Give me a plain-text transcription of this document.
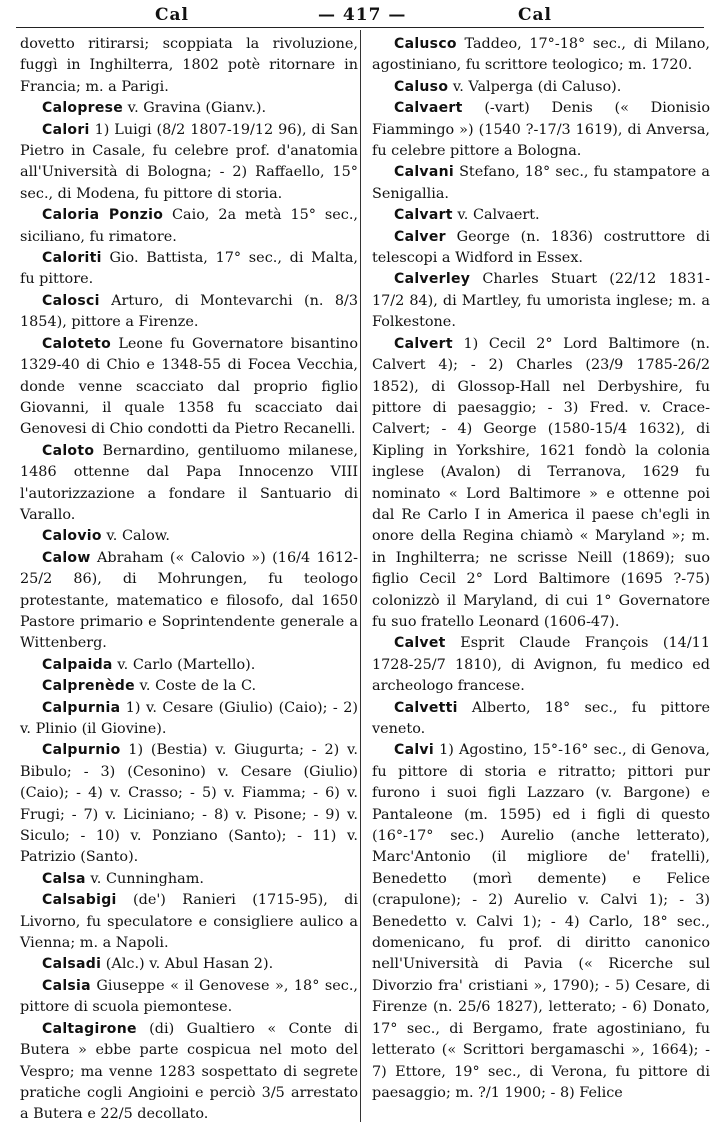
Cal	— 417 —	Cal

dovetto ritirarsi; scoppiata la rivoluzione, fuggì in Inghilterra, 1802 potè ritornare in Francia; m. a Parigi.

Caloprese v. Gravina (Gianv.).

Calori 1) Luigi (8/2 1807-19/12 96), di San Pietro in Casale, fu celebre prof. d'anatomia all'Università di Bologna; - 2) Raffaello, 15° sec., di Modena, fu pittore di storia.

Caloria Ponzio Caio, 2a metà 15° sec., siciliano, fu rimatore.

Caloriti Gio. Battista, 17° sec., di Malta, fu pittore.

Calosci Arturo, di Montevarchi (n. 8/3 1854), pittore a Firenze.

Caloteto Leone fu Governatore bisantino 1329-40 di Chio e 1348-55 di Focea Vecchia, donde venne scacciato dal proprio figlio Giovanni, il quale 1358 fu scacciato dai Genovesi di Chio condotti da Pietro Recanelli.

Caloto Bernardino, gentiluomo milanese, 1486 ottenne dal Papa Innocenzo VIII l'autorizzazione a fondare il Santuario di Varallo.

Calovio v. Calow.

Calow Abraham (« Calovio ») (16/4 1612-25/2 86), di Mohrungen, fu teologo protestante, matematico e filosofo, dal 1650 Pastore primario e Soprintendente generale a Wittenberg.

Calpaida v. Carlo (Martello).

Calprenède v. Coste de la C.

Calpurnia 1) v. Cesare (Giulio) (Caio); - 2) v. Plinio (il Giovine).

Calpurnio 1) (Bestia) v. Giugurta; - 2) v. Bibulo; - 3) (Cesonino) v. Cesare (Giulio) (Caio); - 4) v. Crasso; - 5) v. Fiamma; - 6) v. Frugi; - 7) v. Liciniano; - 8) v. Pisone; - 9) v. Siculo; - 10) v. Ponziano (Santo); - 11) v. Patrizio (Santo).

Calsa v. Cunningham.

Calsabigi (de') Ranieri (1715-95), di Livorno, fu speculatore e consigliere aulico a Vienna; m. a Napoli.

Calsadi (Alc.) v. Abul Hasan 2).

Calsia Giuseppe « il Genovese », 18° sec., pittore di scuola piemontese.

Caltagirone (di) Gualtiero « Conte di Butera » ebbe parte cospicua nel moto del Vespro; ma venne 1283 sospettato di segrete pratiche cogli Angioini e perciò 3/5 arrestato a Butera e 22/5 decollato.

Calusco Taddeo, 17°-18° sec., di Milano, agostiniano, fu scrittore teologico; m. 1720.

Caluso v. Valperga (di Caluso).

Calvaert (-vart) Denis (« Dionisio Fiammingo ») (1540 ?-17/3 1619), di Anversa, fu celebre pittore a Bologna.

Calvani Stefano, 18° sec., fu stampatore a Senigallia.

Calvart v. Calvaert.

Calver George (n. 1836) costruttore di telescopi a Widford in Essex.

Calverley Charles Stuart (22/12 1831-17/2 84), di Martley, fu umorista inglese; m. a Folkestone.

Calvert 1) Cecil 2° Lord Baltimore (n. Calvert 4); - 2) Charles (23/9 1785-26/2 1852), di Glossop-Hall nel Derbyshire, fu pittore di paesaggio; - 3) Fred. v. Crace-Calvert; - 4) George (1580-15/4 1632), di Kipling in Yorkshire, 1621 fondò la colonia inglese (Avalon) di Terranova, 1629 fu nominato « Lord Baltimore » e ottenne poi dal Re Carlo I in America il paese ch'egli in onore della Regina chiamò « Maryland »; m. in Inghilterra; ne scrisse Neill (1869); suo figlio Cecil 2° Lord Baltimore (1695 ?-75) colonizzò il Maryland, di cui 1° Governatore fu suo fratello Leonard (1606-47).

Calvet Esprit Claude François (14/11 1728-25/7 1810), di Avignon, fu medico ed archeologo francese.

Calvetti Alberto, 18° sec., fu pittore veneto.

Calvi 1) Agostino, 15°-16° sec., di Genova, fu pittore di storia e ritratto; pittori pur furono i suoi figli Lazzaro (v. Bargone) e Pantaleone (m. 1595) ed i figli di questo (16°-17° sec.) Aurelio (anche letterato), Marc'Antonio (il migliore de' fratelli), Benedetto (morì demente) e Felice (crapulone); - 2) Aurelio v. Calvi 1); - 3) Benedetto v. Calvi 1); - 4) Carlo, 18° sec., domenicano, fu prof. di diritto canonico nell'Università di Pavia (« Ricerche sul Divorzio fra' cristiani », 1790); - 5) Cesare, di Firenze (n. 25/6 1827), letterato; - 6) Donato, 17° sec., di Bergamo, frate agostiniano, fu letterato (« Scrittori bergamaschi », 1664); - 7) Ettore, 19° sec., di Verona, fu pittore di paesaggio; m. ?/1 1900; - 8) Felice
